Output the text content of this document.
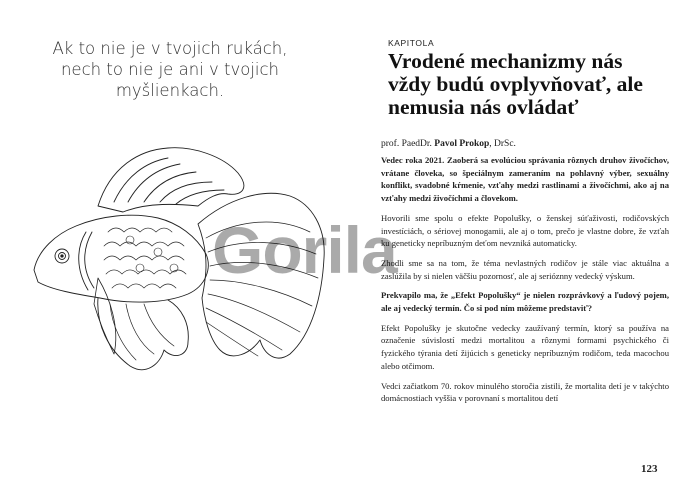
Ak to nie je v tvojich rukách,
nech to nie je ani v tvojich
myšlienkach.
KAPITOLA
Vrodené mechanizmy nás
vždy budú ovplyvňovať, ale
nemusia nás ovládať
prof. PaedDr. Pavol Prokop, DrSc.

Vedec roka 2021. Zaoberá sa evolúciou správania rôznych druhov živočíchov, vrátane človeka, so špeciálnym zameraním na pohlavný výber, sexuálny konflikt, svadobné kŕmenie, vzťahy medzi rastlinami a živočíchmi, ako aj na vzťahy medzi živočíchmi a človekom.

Hovorili sme spolu o efekte Popolušky, o ženskej súťaživosti, rodičovských investíciách, o sériovej monogamii, ale aj o tom, prečo je vlastne dobre, že vzťah ku geneticky nepríbuzným deťom nevzniká automaticky.

Zhodli sme sa na tom, že téma nevlastných rodičov je stále viac aktuálna a zaslúžila by si nielen väčšiu pozornosť, ale aj serióznny vedecký výskum.

Prekvapilo ma, že „Efekt Popolušky“ je nielen rozprávkový a ľudový pojem, ale aj vedecký termín. Čo si pod ním môžeme predstaviť?

Efekt Popolušky je skutočne vedecky zaužívaný termín, ktorý sa používa na označenie súvislostí medzi mortalitou a rôznymi formami psychického či fyzického týrania detí žijúcich s geneticky nepríbuzným rodičom, teda macochou alebo otčimom.

Vedci začiatkom 70. rokov minulého storočia zistili, že mortalita detí je v takýchto domácnostiach vyššia v porovnaní s mortalitou detí

123
Gorila
